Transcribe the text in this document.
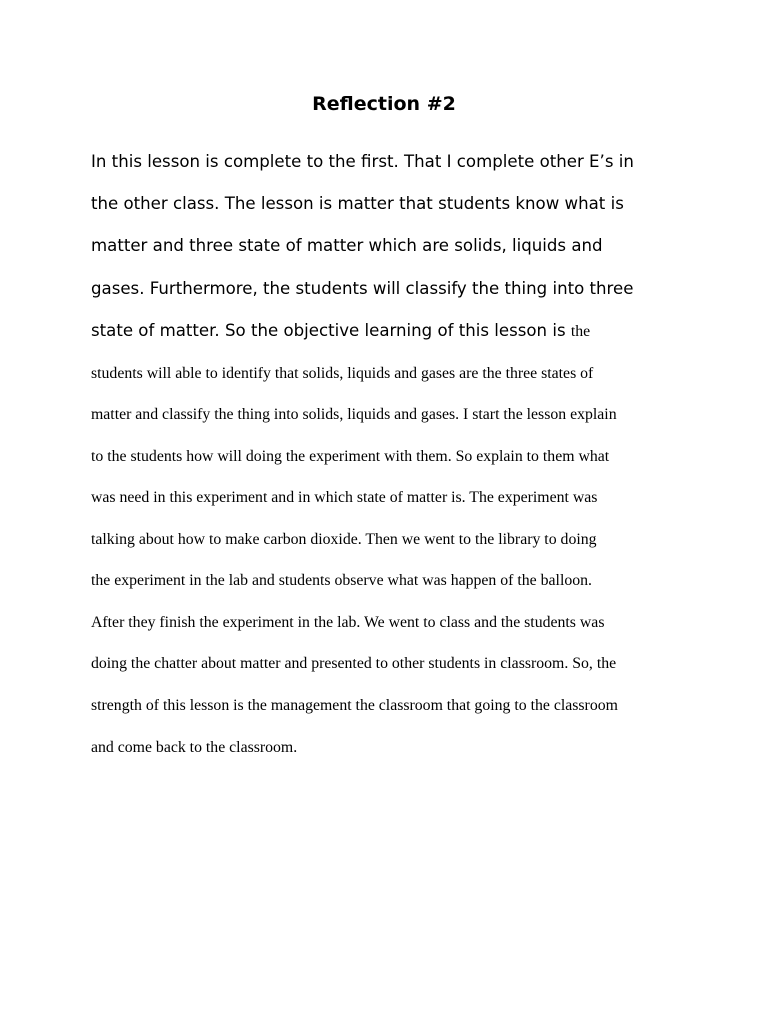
Reflection #2

In this lesson is complete to the first. That I complete other E’s in

the other class. The lesson is matter that students know what is

matter and three state of matter which are solids, liquids and

gases. Furthermore, the students will classify the thing into three

state of matter. So the objective learning of this lesson is the

students will able to identify that solids, liquids and gases are the three states of

matter and classify the thing into solids, liquids and gases. I start the lesson explain

to the students how will doing the experiment with them. So explain to them what

was need in this experiment and in which state of matter is. The experiment was

talking about how to make carbon dioxide. Then we went to the library to doing

the experiment in the lab and students observe what was happen of the balloon.

After they finish the experiment in the lab. We went to class and the students was

doing the chatter about matter and presented to other students in classroom. So, the

strength of this lesson is the management the classroom that going to the classroom

and come back to the classroom.
